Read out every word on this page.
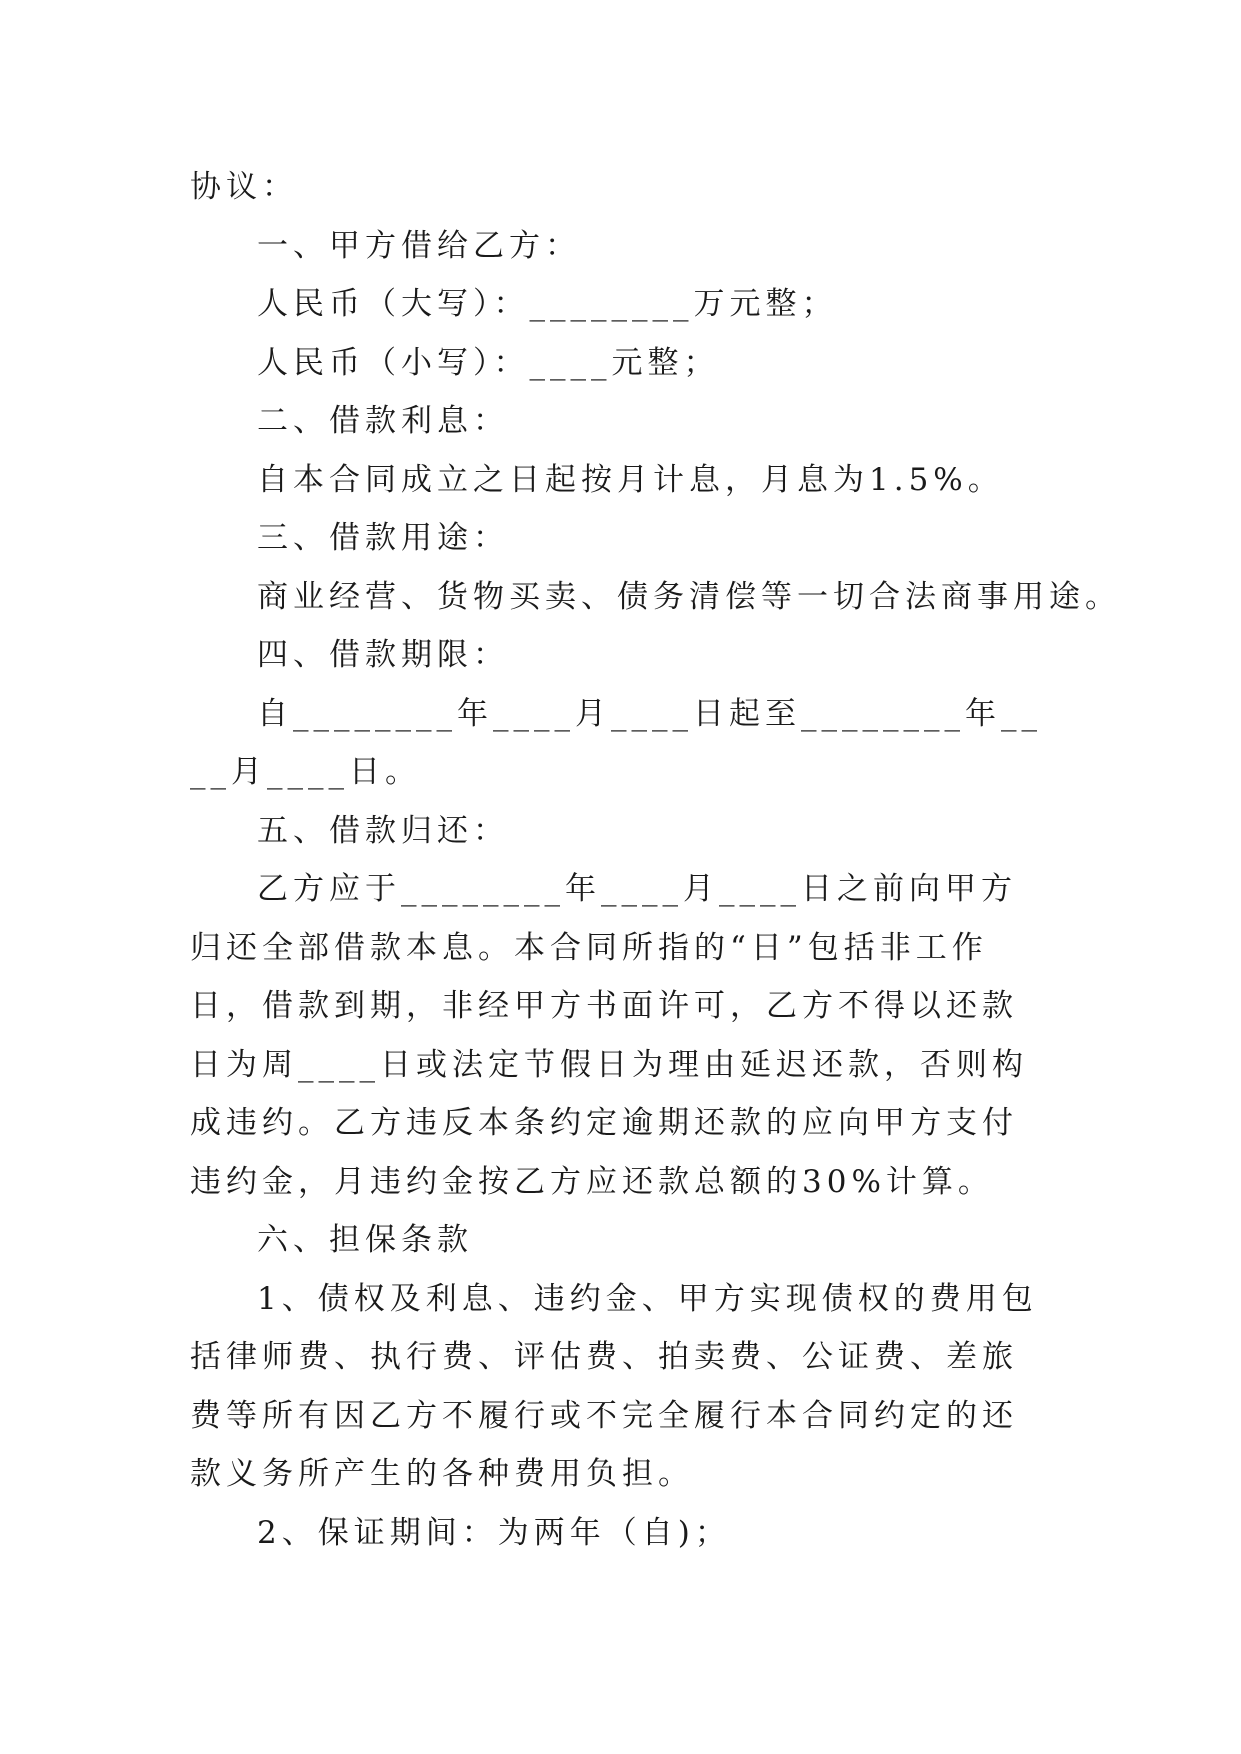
协议：

一、甲方借给乙方：

人民币（大写）：________万元整；

人民币（小写）：____元整；

二、借款利息：

自本合同成立之日起按月计息，月息为1.5%。

三、借款用途：

商业经营、货物买卖、债务清偿等一切合法商事用途。

四、借款期限：

自________年____月____日起至________年____月____日。

五、借款归还：

乙方应于________年____月____日之前向甲方归还全部借款本息。本合同所指的“日”包括非工作日，借款到期，非经甲方书面许可，乙方不得以还款日为周____日或法定节假日为理由延迟还款，否则构成违约。乙方违反本条约定逾期还款的应向甲方支付违约金，月违约金按乙方应还款总额的30%计算。

六、担保条款

1、债权及利息、违约金、甲方实现债权的费用包括律师费、执行费、评估费、拍卖费、公证费、差旅费等所有因乙方不履行或不完全履行本合同约定的还款义务所产生的各种费用负担。

2、保证期间：为两年（自)；
